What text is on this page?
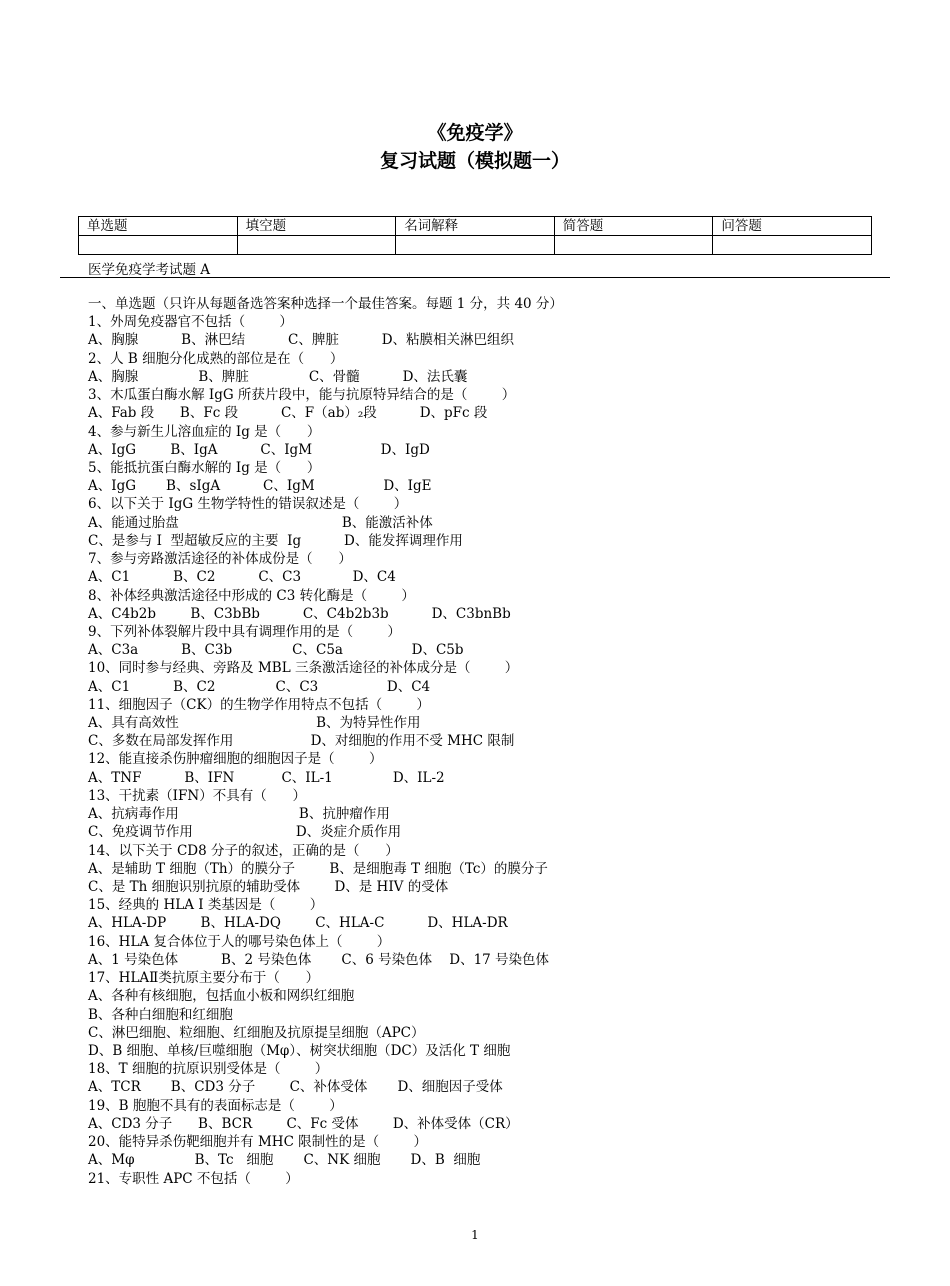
《免疫学》
复习试题（模拟题一）
单选题	填空题	名词解释	简答题	问答题

医学免疫学考试题 A
一、单选题（只许从每题备选答案种选择一个最佳答案。每题 1 分，共 40 分）
1、外周免疫器官不包括（        ）
A、胸腺          B、淋巴结          C、脾脏          D、粘膜相关淋巴组织
2、人 B 细胞分化成熟的部位是在（      ）
A、胸腺              B、脾脏              C、骨髓          D、法氏囊
3、木瓜蛋白酶水解 IgG 所获片段中，能与抗原特异结合的是（        ）
A、Fab 段      B、Fc 段          C、F（ab）₂段          D、pFc 段
4、参与新生儿溶血症的 Ig 是（      ）
A、IgG        B、IgA          C、IgM                D、IgD
5、能抵抗蛋白酶水解的 Ig 是（      ）
A、IgG       B、sIgA          C、IgM                D、IgE
6、以下关于 IgG 生物学特性的错误叙述是（        ）
A、能通过胎盘                                      B、能激活补体
C、是参与 I  型超敏反应的主要  Ig          D、能发挥调理作用
7、参与旁路激活途径的补体成份是（      ）
A、C1          B、C2          C、C3            D、C4
8、补体经典激活途径中形成的 C3 转化酶是（        ）
A、C4b2b        B、C3bBb          C、C4b2b3b          D、C3bnBb
9、下列补体裂解片段中具有调理作用的是（        ）
A、C3a          B、C3b              C、C5a                D、C5b
10、同时参与经典、旁路及 MBL 三条激活途径的补体成分是（        ）
A、C1          B、C2              C、C3                D、C4
11、细胞因子（CK）的生物学作用特点不包括（        ）
A、具有高效性                                B、为特异性作用
C、多数在局部发挥作用                  D、对细胞的作用不受 MHC 限制
12、能直接杀伤肿瘤细胞的细胞因子是（        ）
A、TNF          B、IFN           C、IL-1              D、IL-2
13、干扰素（IFN）不具有（      ）
A、抗病毒作用                            B、抗肿瘤作用
C、免疫调节作用                        D、炎症介质作用
14、以下关于 CD8 分子的叙述，正确的是（      ）
A、是辅助 T 细胞（Th）的膜分子        B、是细胞毒 T 细胞（Tc）的膜分子
C、是 Th 细胞识别抗原的辅助受体        D、是 HIV 的受体
15、经典的 HLA I 类基因是（        ）
A、HLA-DP        B、HLA-DQ        C、HLA-C          D、HLA-DR
16、HLA 复合体位于人的哪号染色体上（        ）
A、1 号染色体          B、2 号染色体       C、6 号染色体    D、17 号染色体
17、HLAⅡ类抗原主要分布于（      ）
A、各种有核细胞，包括血小板和网织红细胞
B、各种白细胞和红细胞
C、淋巴细胞、粒细胞、红细胞及抗原提呈细胞（APC）
D、B 细胞、单核/巨噬细胞（Mφ）、树突状细胞（DC）及活化 T 细胞
18、T 细胞的抗原识别受体是（        ）
A、TCR       B、CD3 分子        C、补体受体       D、细胞因子受体
19、B 胞胞不具有的表面标志是（        ）
A、CD3 分子      B、BCR        C、Fc 受体        D、补体受体（CR）
20、能特异杀伤靶细胞并有 MHC 限制性的是（        ）
A、Mφ              B、Tc   细胞       C、NK 细胞       D、B  细胞
21、专职性 APC 不包括（        ）
1
